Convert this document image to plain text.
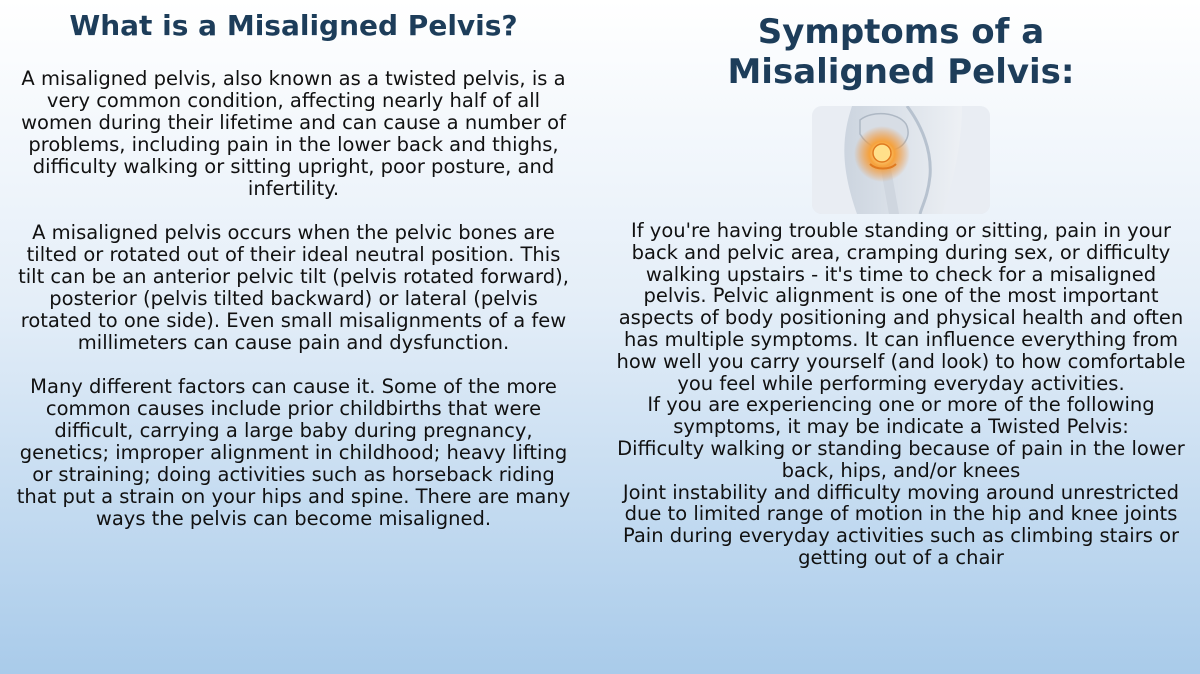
What is a Misaligned Pelvis?

A misaligned pelvis, also known as a twisted pelvis, is a very common condition, affecting nearly half of all women during their lifetime and can cause a number of problems, including pain in the lower back and thighs, difficulty walking or sitting upright, poor posture, and infertility.

A misaligned pelvis occurs when the pelvic bones are tilted or rotated out of their ideal neutral position. This tilt can be an anterior pelvic tilt (pelvis rotated forward), posterior (pelvis tilted backward) or lateral (pelvis rotated to one side). Even small misalignments of a few millimeters can cause pain and dysfunction.

Many different factors can cause it. Some of the more common causes include prior childbirths that were difficult, carrying a large baby during pregnancy, genetics; improper alignment in childhood; heavy lifting or straining; doing activities such as horseback riding that put a strain on your hips and spine. There are many ways the pelvis can become misaligned.

Symptoms of a
Misaligned Pelvis:

If you're having trouble standing or sitting, pain in your back and pelvic area, cramping during sex, or difficulty walking upstairs - it's time to check for a misaligned pelvis. Pelvic alignment is one of the most important aspects of body positioning and physical health and often has multiple symptoms. It can influence everything from how well you carry yourself (and look) to how comfortable you feel while performing everyday activities.

If you are experiencing one or more of the following symptoms, it may be indicate a Twisted Pelvis:

Difficulty walking or standing because of pain in the lower back, hips, and/or knees

Joint instability and difficulty moving around unrestricted due to limited range of motion in the hip and knee joints

Pain during everyday activities such as climbing stairs or getting out of a chair
